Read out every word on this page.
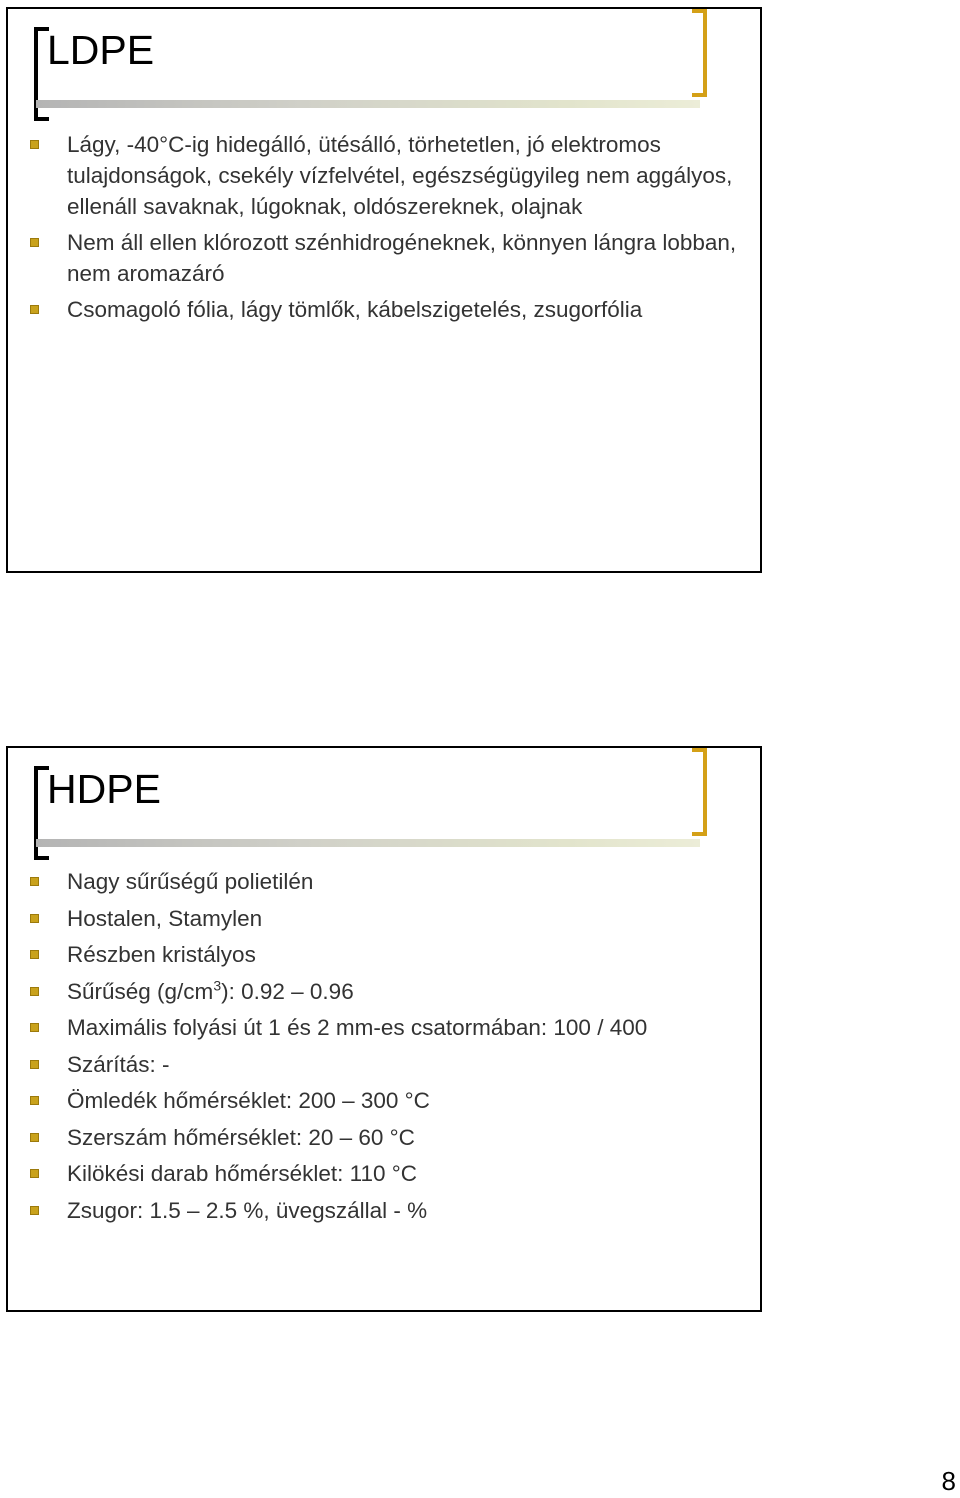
LDPE
Lágy, -40°C-ig hidegálló, ütésálló, törhetetlen, jó elektromos tulajdonságok, csekély vízfelvétel, egészségügyileg nem aggályos, ellenáll savaknak, lúgoknak, oldószereknek, olajnak
Nem áll ellen klórozott szénhidrogéneknek, könnyen lángra lobban, nem aromazáró
Csomagoló fólia, lágy tömlők, kábelszigetelés, zsugorfólia
HDPE
Nagy sűrűségű polietilén
Hostalen, Stamylen
Részben kristályos
Sűrűség $(g/cm^3)$: 0.92 – 0.96
Maximális folyási út 1 és 2 mm-es csatormában: 100 / 400
Szárítás: -
Ömledék hőmérséklet: 200 – 300 °C
Szerszám hőmérséklet: 20 – 60 °C
Kilökési darab hőmérséklet: 110 °C
Zsugor: 1.5 – 2.5 %, üvegszállal - %
8
